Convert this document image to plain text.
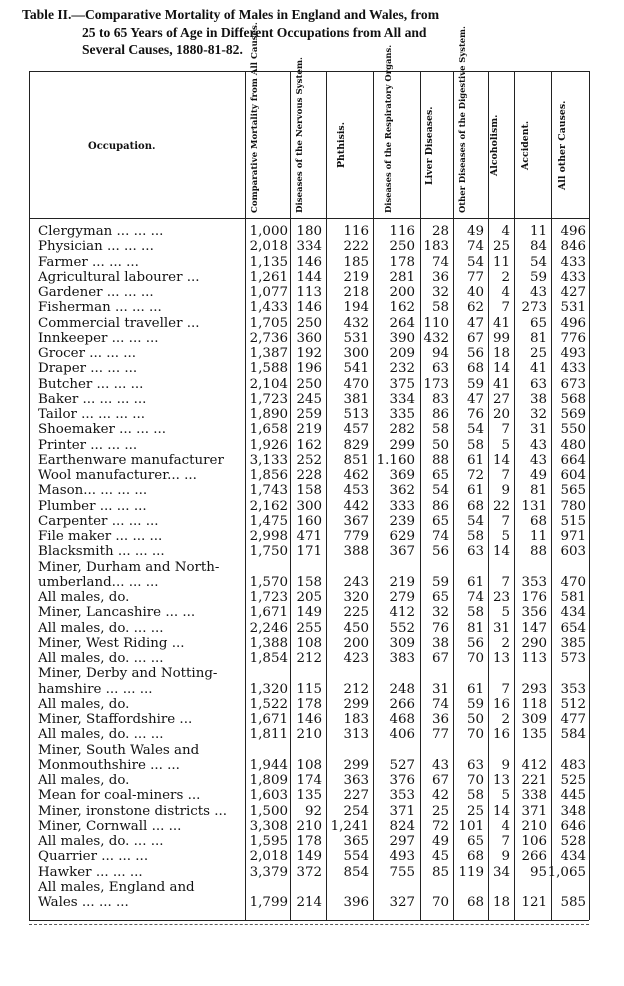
Table II.—Comparative Mortality of Males in England and Wales, from
25 to 65 Years of Age in Different Occupations from All and
Several Causes, 1880-81-82.
Occupation.	Comparative Mortality from All Causes.	Diseases of the Nervous System.	Phthisis.	Diseases of the Respiratory Organs.	Liver Diseases.	Other Diseases of the Digestive System.	Alcoholism.	Accident.	All other Causes.
Clergyman ... ... ...	1,000 180 116 116 28 49 4 11 496
Physician ... ... ...	2,018 334 222 250 183 74 25 84 846
Farmer ... ... ...	1,135 146 185 178 74 54 11 54 433
Agricultural labourer ...	1,261 144 219 281 36 77 2 59 433
Gardener ... ... ...	1,077 113 218 200 32 40 4 43 427
Fisherman ... ... ...	1,433 146 194 162 58 62 7 273 531
Commercial traveller ...	1,705 250 432 264 110 47 41 65 496
Innkeeper ... ... ...	2,736 360 531 390 432 67 99 81 776
Grocer ... ... ...	1,387 192 300 209 94 56 18 25 493
Draper ... ... ...	1,588 196 541 232 63 68 14 41 433
Butcher ... ... ...	2,104 250 470 375 173 59 41 63 673
Baker ... ... ... ...	1,723 245 381 334 83 47 27 38 568
Tailor ... ... ... ...	1,890 259 513 335 86 76 20 32 569
Shoemaker ... ... ...	1,658 219 457 282 58 54 7 31 550
Printer ... ... ...	1,926 162 829 299 50 58 5 43 480
Earthenware manufacturer	3,133 252 851 1.160 88 61 14 43 664
Wool manufacturer... ...	1,856 228 462 369 65 72 7 49 604
Mason... ... ... ...	1,743 158 453 362 54 61 9 81 565
Plumber ... ... ...	2,162 300 442 333 86 68 22 131 780
Carpenter ... ... ...	1,475 160 367 239 65 54 7 68 515
File maker ... ... ...	2,998 471 779 629 74 58 5 11 971
Blacksmith ... ... ...	1,750 171 388 367 56 63 14 88 603
Miner, Durham and North-
umberland... ... ...	1,570 158 243 219 59 61 7 353 470
All males, do.	1,723 205 320 279 65 74 23 176 581
Miner, Lancashire ... ...	1,671 149 225 412 32 58 5 356 434
All males, do. ... ...	2,246 255 450 552 76 81 31 147 654
Miner, West Riding ...	1,388 108 200 309 38 56 2 290 385
All males, do. ... ...	1,854 212 423 383 67 70 13 113 573
Miner, Derby and Notting-
hamshire ... ... ...	1,320 115 212 248 31 61 7 293 353
All males, do.	1,522 178 299 266 74 59 16 118 512
Miner, Staffordshire ...	1,671 146 183 468 36 50 2 309 477
All males, do. ... ...	1,811 210 313 406 77 70 16 135 584
Miner, South Wales and
Monmouthshire ... ...	1,944 108 299 527 43 63 9 412 483
All males, do.	1,809 174 363 376 67 70 13 221 525
Mean for coal-miners ...	1,603 135 227 353 42 58 5 338 445
Miner, ironstone districts ...	1,500 92 254 371 25 25 14 371 348
Miner, Cornwall ... ...	3,308 210 1,241 824 72 101 4 210 646
All males, do. ... ...	1,595 178 365 297 49 65 7 106 528
Quarrier ... ... ...	2,018 149 554 493 45 68 9 266 434
Hawker ... ... ...	3,379 372 854 755 85 119 34 95 1,065
All males, England and
Wales ... ... ...	1,799 214 396 327 70 68 18 121 585
